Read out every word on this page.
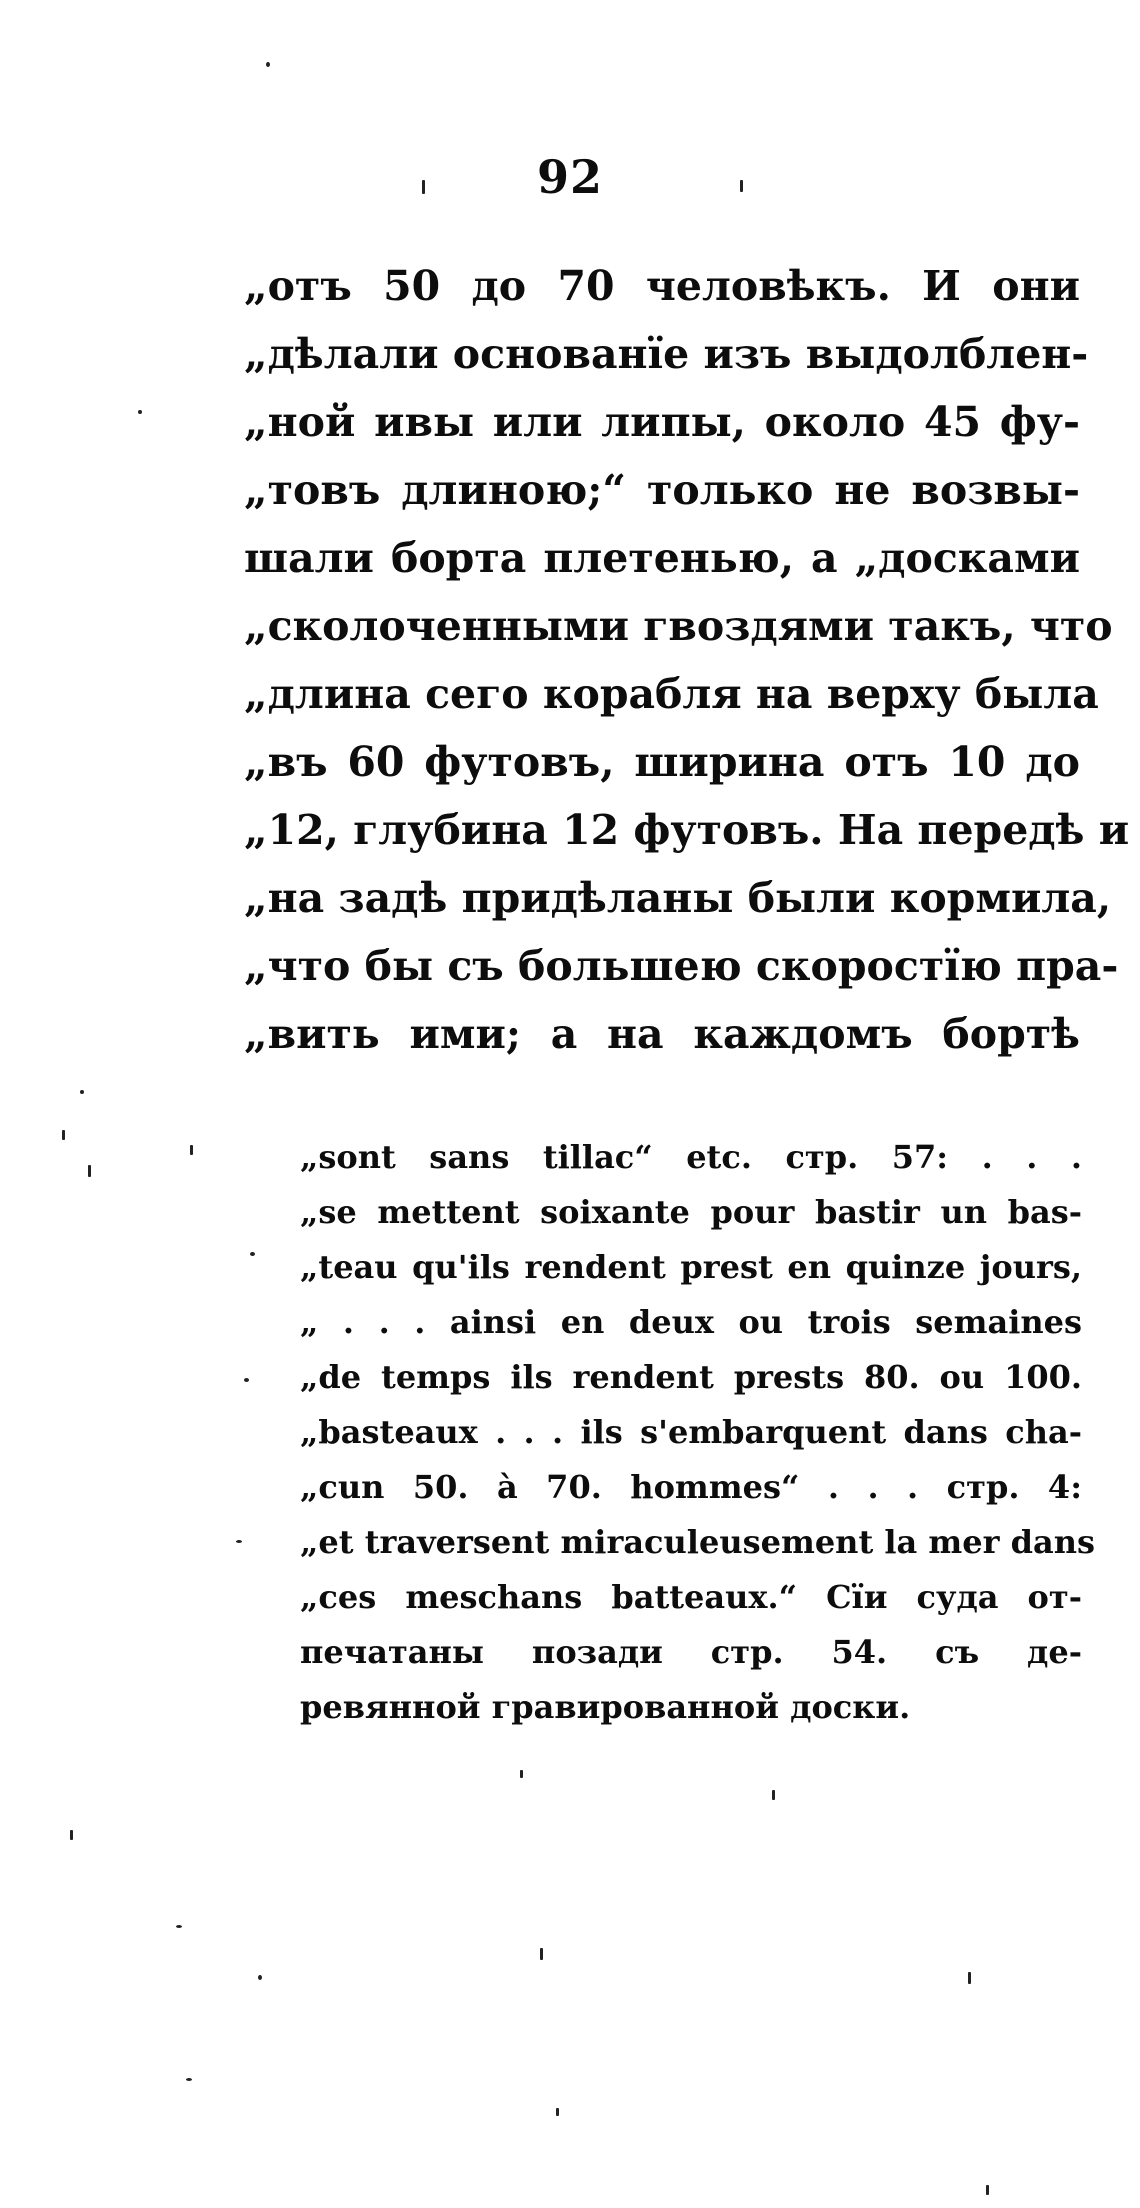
92
„отъ 50 до 70 человѣкъ. И они
„дѣлали основанїе изъ выдолблен-
„ной ивы или липы, около 45 фу-
„товъ длиною;“ только не возвы-
шали борта плетенью, а „досками
„сколоченными гвоздями такъ, что
„длина сего корабля на верху была
„въ 60 футовъ, ширина отъ 10 до
„12, глубина 12 футовъ. На передѣ и
„на задѣ придѣланы были кормила,
„что бы съ большею скоростїю пра-
„вить ими; а на каждомъ бортѣ
„sont sans tillac“ etc. стр. 57: . . .
„se mettent soixante pour bastir un bas-
„teau qu'ils rendent prest en quinze jours,
„ . . . ainsi en deux ou trois semaines
„de temps ils rendent prests 80. ou 100.
„basteaux . . . ils s'embarquent dans cha-
„cun 50. à 70. hommes“ . . . стр. 4:
„et traversent miraculeusement la mer dans
„ces meschans batteaux.“ Сїи суда от-
печатаны позади стр. 54. съ де-
ревянной гравированной доски.
